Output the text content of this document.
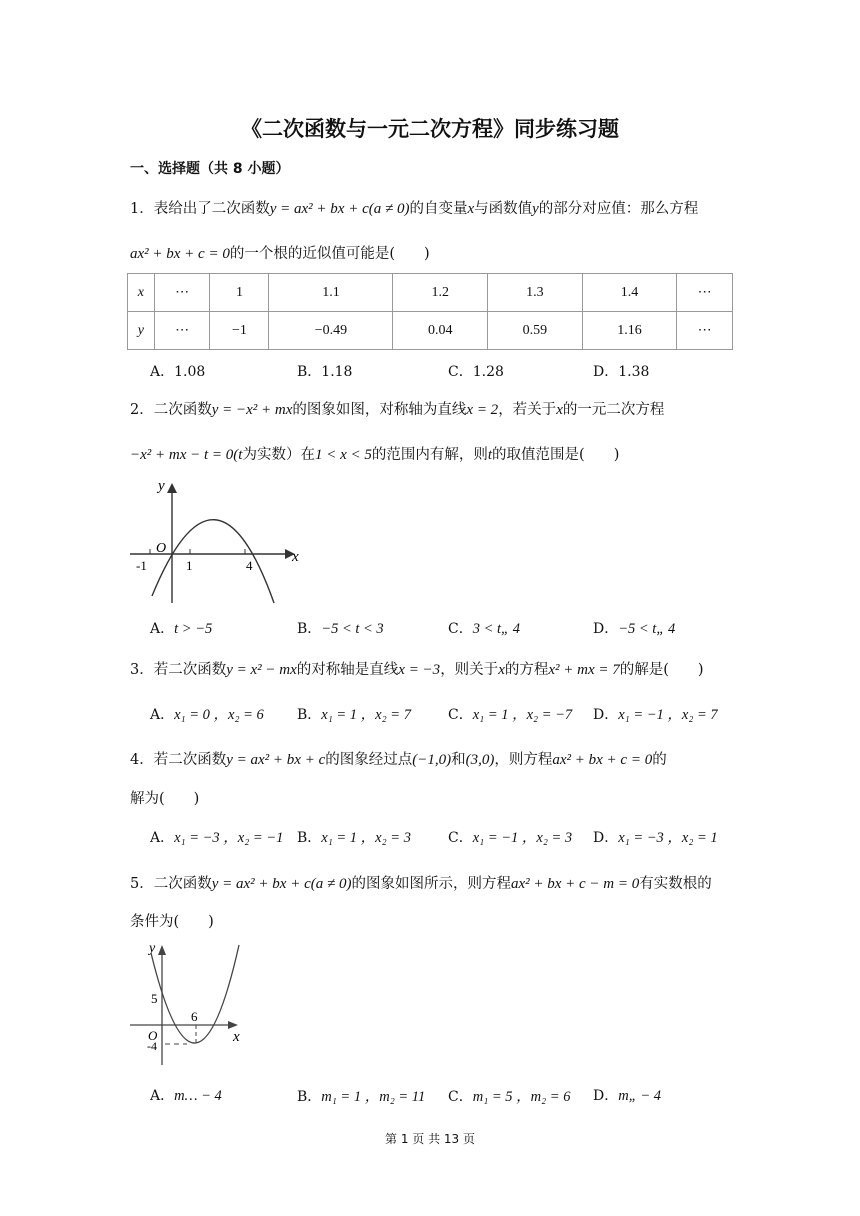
《二次函数与一元二次方程》同步练习题
一、选择题（共 8 小题）
1．表给出了二次函数y = ax² + bx + c(a ≠ 0)的自变量x与函数值y的部分对应值：那么方程
ax² + bx + c = 0的一个根的近似值可能是(　　)
x	⋯	1	1.1	1.2	1.3	1.4	⋯
y	⋯	−1	−0.49	0.04	0.59	1.16	⋯
A．1.08	B．1.18	C．1.28	D．1.38
2．二次函数y = −x² + mx的图象如图，对称轴为直线x = 2，若关于x的一元二次方程
−x² + mx − t = 0(t为实数）在1 < x < 5的范围内有解，则t的取值范围是(　　)
y
x
O
-1	1	4
A．t > −5	B．−5 < t < 3	C．3 < t„ 4	D．−5 < t„ 4
3．若二次函数y = x² − mx的对称轴是直线x = −3，则关于x的方程x² + mx = 7的解是(　　)
A．x₁ = 0 ，x₂ = 6 B．x₁ = 1 ，x₂ = 7	C．x₁ = 1 ，x₂ = −7 D．x₁ = −1 ，x₂ = 7
4．若二次函数y = ax² + bx + c的图象经过点(−1,0)和(3,0)，则方程ax² + bx + c = 0的
解为(　　)
A．x₁ = −3 ，x₂ = −1 B．x₁ = 1 ，x₂ = 3	C．x₁ = −1 ，x₂ = 3 D．x₁ = −3 ，x₂ = 1
5．二次函数y = ax² + bx + c(a ≠ 0)的图象如图所示，则方程ax² + bx + c − m = 0有实数根的
条件为(　　)
y
x
O
5
6
-4
A．m… − 4	B．m₁ = 1 ，m₂ = 11 C．m₁ = 5 ，m₂ = 6 D．m„ − 4
第 1 页 共 13 页
